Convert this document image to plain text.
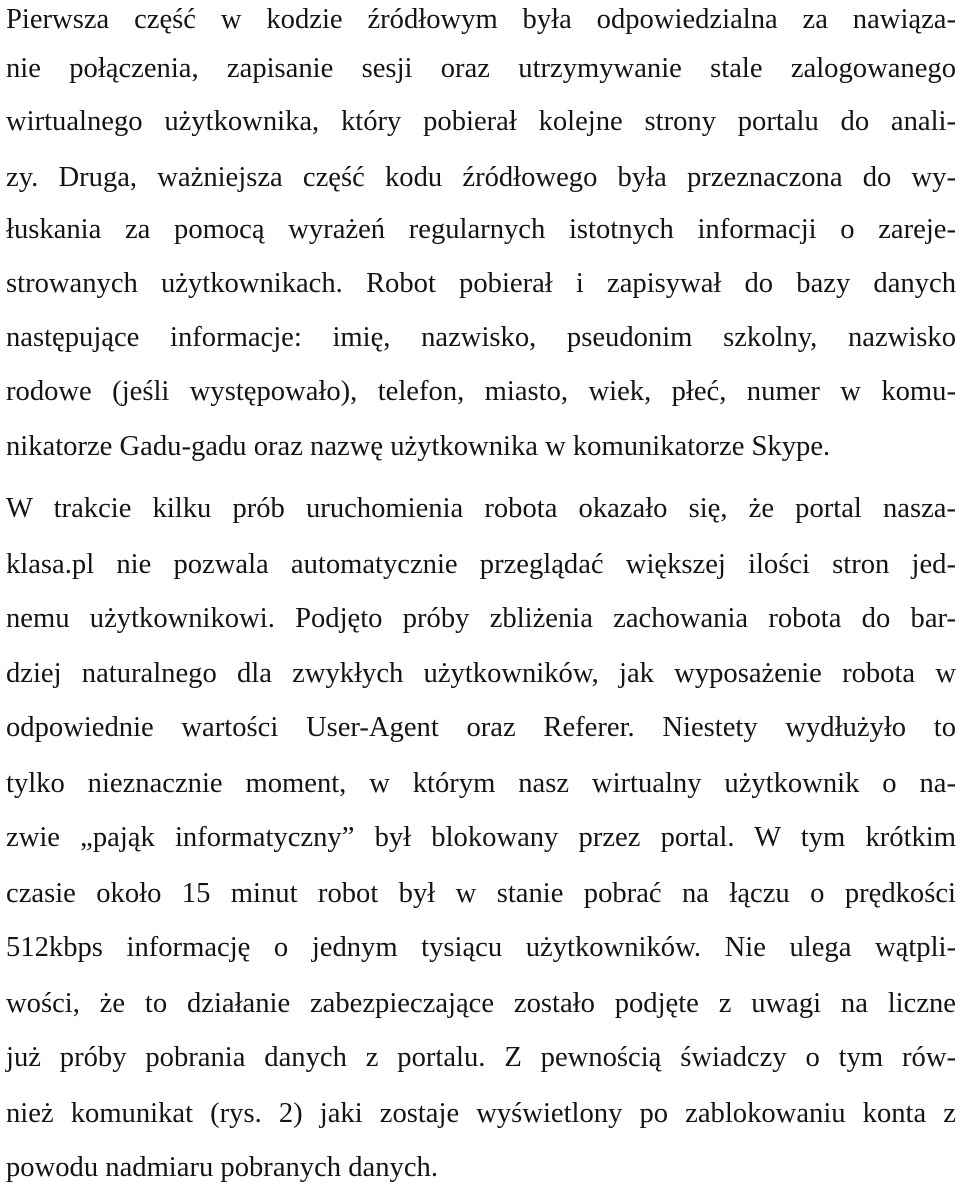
Pierwsza część w kodzie źródłowym była odpowiedzialna za nawiąza-
nie połączenia, zapisanie sesji oraz utrzymywanie stale zalogowanego
wirtualnego użytkownika, który pobierał kolejne strony portalu do anali-
zy. Druga, ważniejsza część kodu źródłowego była przeznaczona do wy-
łuskania za pomocą wyrażeń regularnych istotnych informacji o zareje-
strowanych użytkownikach. Robot pobierał i zapisywał do bazy danych
następujące informacje: imię, nazwisko, pseudonim szkolny, nazwisko
rodowe (jeśli występowało), telefon, miasto, wiek, płeć, numer w komu-
nikatorze Gadu-gadu oraz nazwę użytkownika w komunikatorze Skype.
W trakcie kilku prób uruchomienia robota okazało się, że portal nasza-
klasa.pl nie pozwala automatycznie przeglądać większej ilości stron jed-
nemu użytkownikowi. Podjęto próby zbliżenia zachowania robota do bar-
dziej naturalnego dla zwykłych użytkowników, jak wyposażenie robota w
odpowiednie wartości User-Agent oraz Referer. Niestety wydłużyło to
tylko nieznacznie moment, w którym nasz wirtualny użytkownik o na-
zwie „pająk informatyczny” był blokowany przez portal. W tym krótkim
czasie około 15 minut robot był w stanie pobrać na łączu o prędkości
512kbps informację o jednym tysiącu użytkowników. Nie ulega wątpli-
wości, że to działanie zabezpieczające zostało podjęte z uwagi na liczne
już próby pobrania danych z portalu. Z pewnością świadczy o tym rów-
nież komunikat (rys. 2) jaki zostaje wyświetlony po zablokowaniu konta z
powodu nadmiaru pobranych danych.
